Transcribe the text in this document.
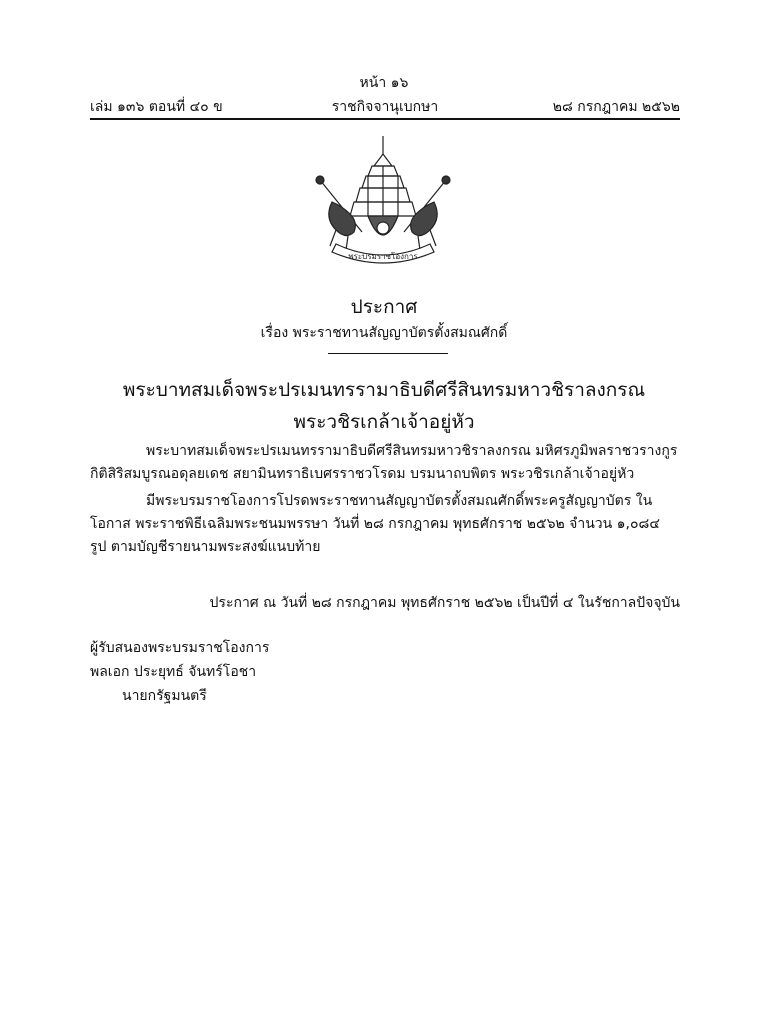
หน้า ๑๖
เล่ม ๑๓๖ ตอนที่ ๔๐ ข	ราชกิจจานุเบกษา	๒๘ กรกฎาคม ๒๕๖๒
พระบรมราชโองการ
ประกาศ
เรื่อง พระราชทานสัญญาบัตรตั้งสมณศักดิ์
พระบาทสมเด็จพระปรเมนทรรามาธิบดีศรีสินทรมหาวชิราลงกรณ
พระวชิรเกล้าเจ้าอยู่หัว
พระบาทสมเด็จพระปรเมนทรรามาธิบดีศรีสินทรมหาวชิราลงกรณ มหิศรภูมิพลราชวรางกูร กิติสิริสมบูรณอดุลยเดช สยามินทราธิเบศรราชวโรดม บรมนาถบพิตร พระวชิรเกล้าเจ้าอยู่หัว
มีพระบรมราชโองการโปรดพระราชทานสัญญาบัตรตั้งสมณศักดิ์พระครูสัญญาบัตร ในโอกาส พระราชพิธีเฉลิมพระชนมพรรษา วันที่ ๒๘ กรกฎาคม พุทธศักราช ๒๕๖๒ จำนวน ๑,๐๘๔ รูป ตามบัญชีรายนามพระสงฆ์แนบท้าย
ประกาศ ณ วันที่ ๒๘ กรกฎาคม พุทธศักราช ๒๕๖๒ เป็นปีที่ ๔ ในรัชกาลปัจจุบัน
ผู้รับสนองพระบรมราชโองการ
พลเอก ประยุทธ์ จันทร์โอชา
นายกรัฐมนตรี
